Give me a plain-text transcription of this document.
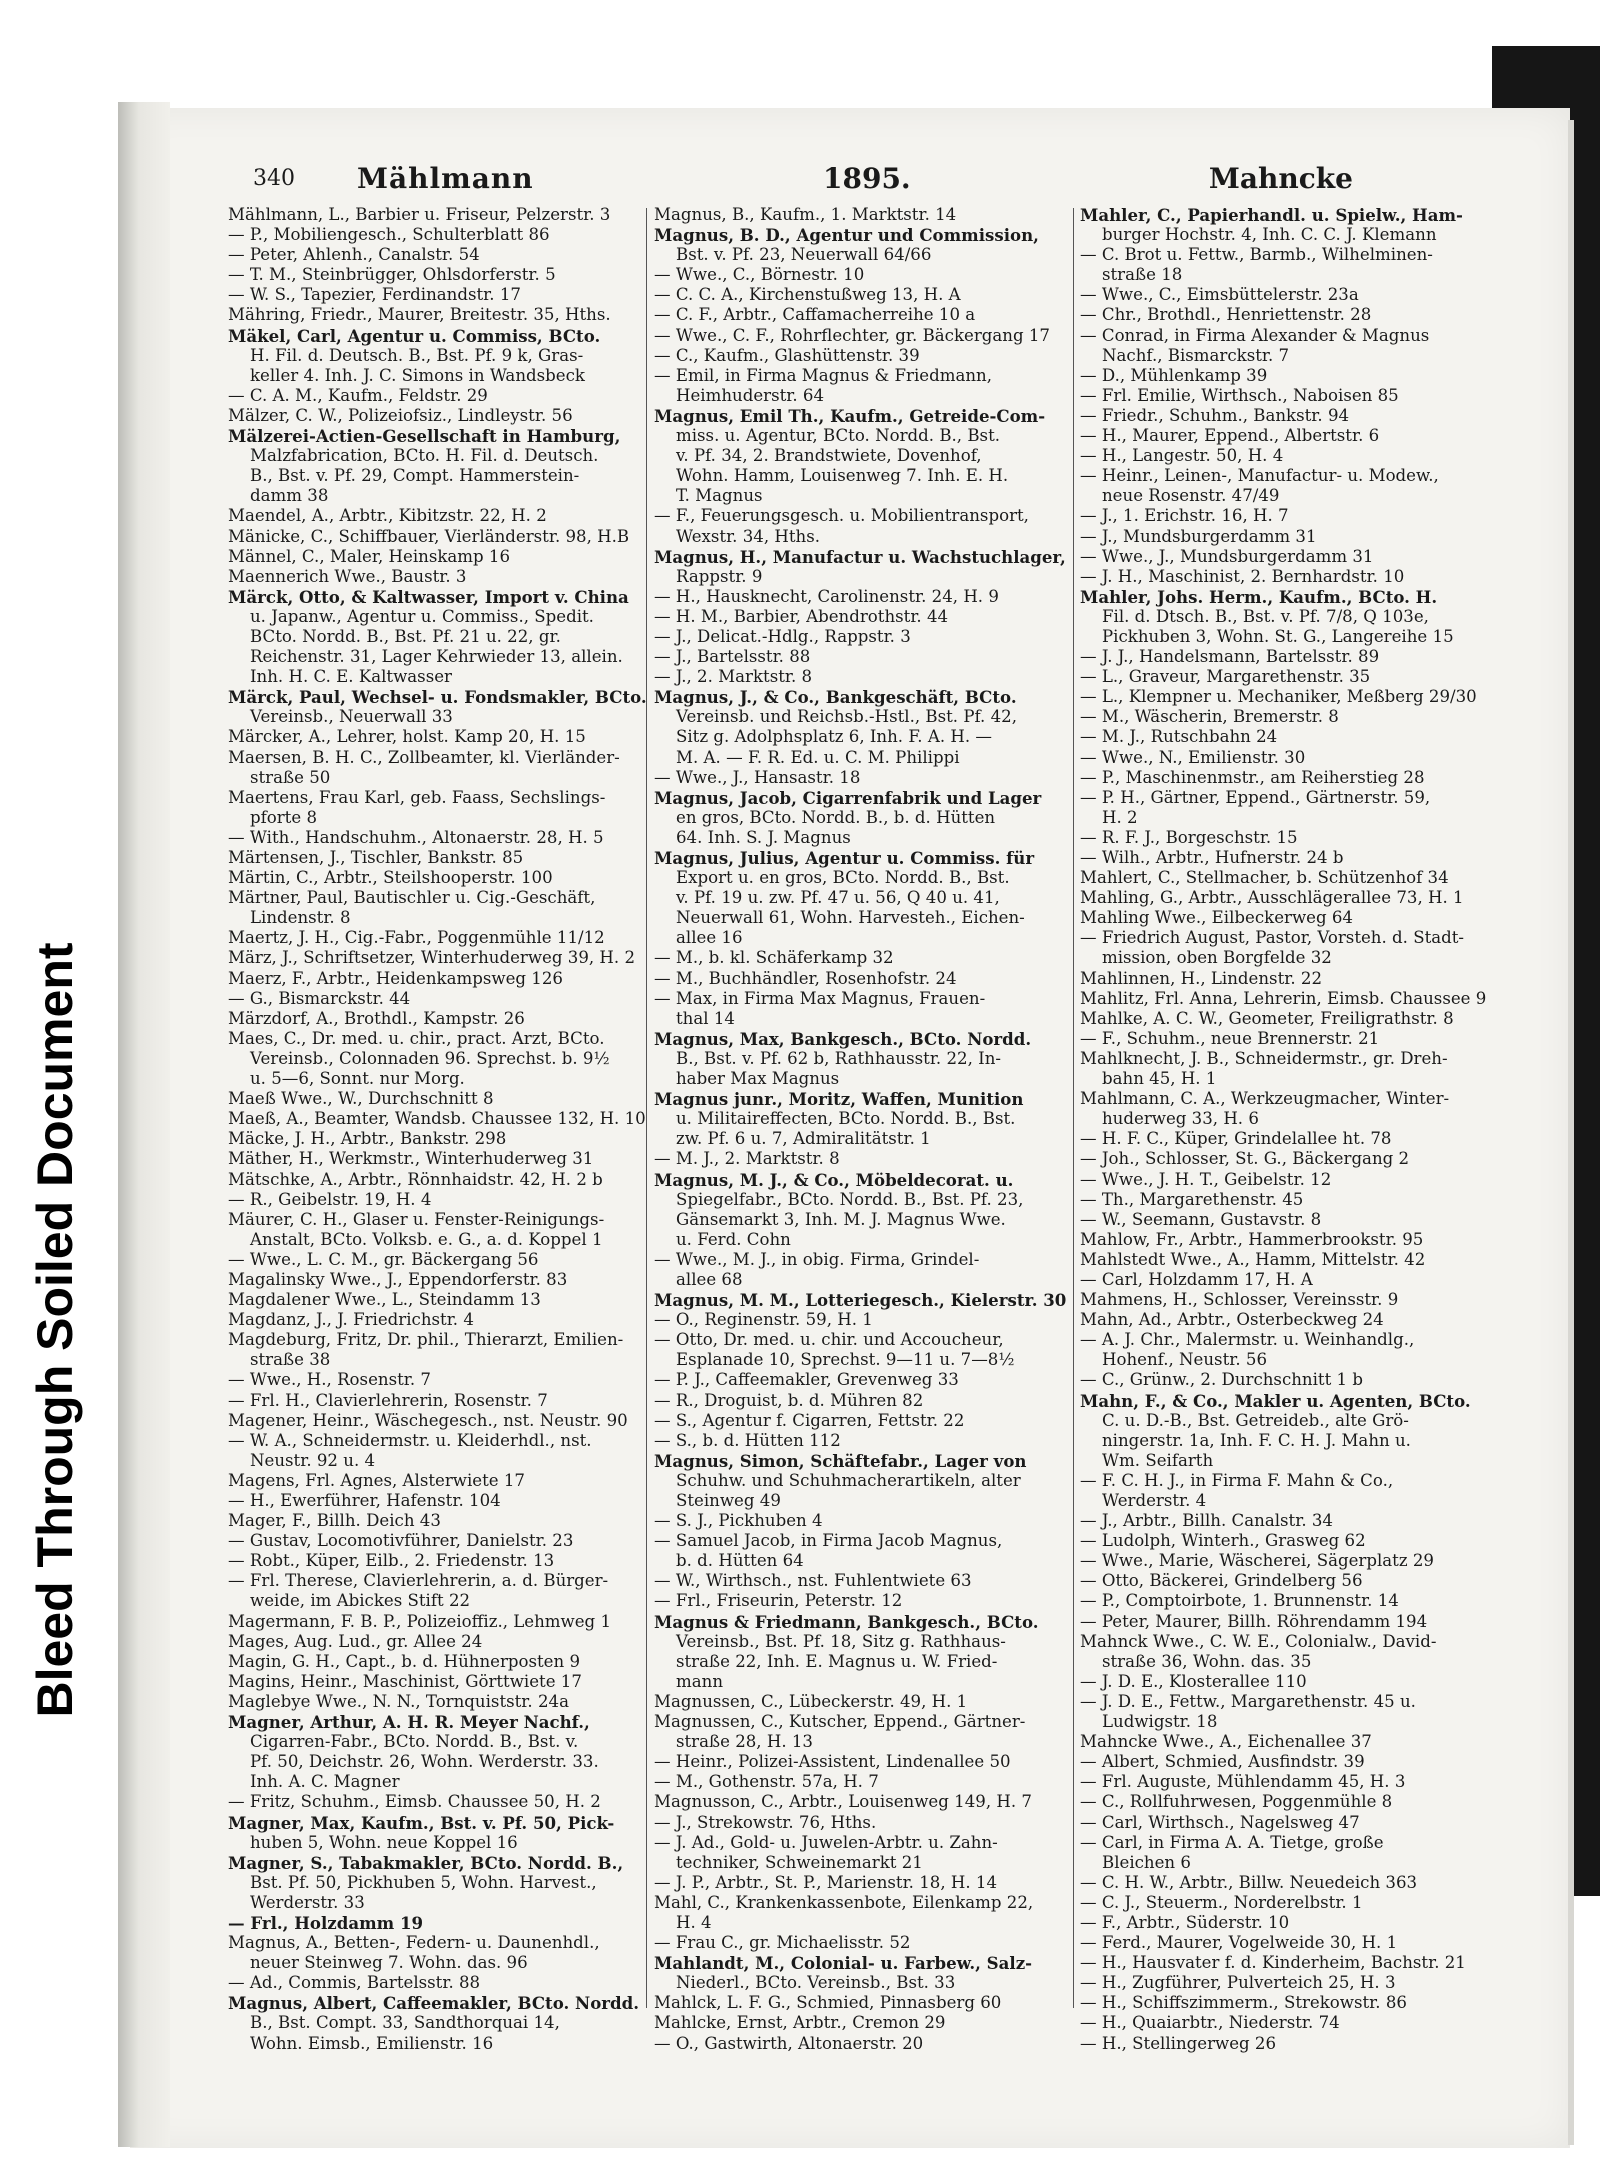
Bleed Through Soiled Document
340 Mählmann	1895.	Mahncke
Mählmann, L., Barbier u. Friseur, Pelzerstr. 3
— P., Mobiliengesch., Schulterblatt 86
— Peter, Ahlenh., Canalstr. 54
— T. M., Steinbrügger, Ohlsdorferstr. 5
— W. S., Tapezier, Ferdinandstr. 17
Mähring, Friedr., Maurer, Breitestr. 35, Hths.
Mäkel, Carl, Agentur u. Commiss, BCto.
H. Fil. d. Deutsch. B., Bst. Pf. 9 k, Gras-
keller 4. Inh. J. C. Simons in Wandsbeck
— C. A. M., Kaufm., Feldstr. 29
Mälzer, C. W., Polizeiofsiz., Lindleystr. 56
Mälzerei-Actien-Gesellschaft in Hamburg,
Malzfabrication, BCto. H. Fil. d. Deutsch.
B., Bst. v. Pf. 29, Compt. Hammerstein-
damm 38
Maendel, A., Arbtr., Kibitzstr. 22, H. 2
Mänicke, C., Schiffbauer, Vierländerstr. 98, H.B
Männel, C., Maler, Heinskamp 16
Maennerich Wwe., Baustr. 3
Märck, Otto, & Kaltwasser, Import v. China
u. Japanw., Agentur u. Commiss., Spedit.
BCto. Nordd. B., Bst. Pf. 21 u. 22, gr.
Reichenstr. 31, Lager Kehrwieder 13, allein.
Inh. H. C. E. Kaltwasser
Märck, Paul, Wechsel- u. Fondsmakler, BCto.
Vereinsb., Neuerwall 33
Märcker, A., Lehrer, holst. Kamp 20, H. 15
Maersen, B. H. C., Zollbeamter, kl. Vierländer-
straße 50
Maertens, Frau Karl, geb. Faass, Sechslings-
pforte 8
— With., Handschuhm., Altonaerstr. 28, H. 5
Märtensen, J., Tischler, Bankstr. 85
Märtin, C., Arbtr., Steilshooperstr. 100
Märtner, Paul, Bautischler u. Cig.-Geschäft,
Lindenstr. 8
Maertz, J. H., Cig.-Fabr., Poggenmühle 11/12
März, J., Schriftsetzer, Winterhuderweg 39, H. 2
Maerz, F., Arbtr., Heidenkampsweg 126
— G., Bismarckstr. 44
Märzdorf, A., Brothdl., Kampstr. 26
Maes, C., Dr. med. u. chir., pract. Arzt, BCto.
Vereinsb., Colonnaden 96. Sprechst. b. 9½
u. 5—6, Sonnt. nur Morg.
Maeß Wwe., W., Durchschnitt 8
Maeß, A., Beamter, Wandsb. Chaussee 132, H. 10
Mäcke, J. H., Arbtr., Bankstr. 298
Mäther, H., Werkmstr., Winterhuderweg 31
Mätschke, A., Arbtr., Rönnhaidstr. 42, H. 2 b
— R., Geibelstr. 19, H. 4
Mäurer, C. H., Glaser u. Fenster-Reinigungs-
Anstalt, BCto. Volksb. e. G., a. d. Koppel 1
— Wwe., L. C. M., gr. Bäckergang 56
Magalinsky Wwe., J., Eppendorferstr. 83
Magdalener Wwe., L., Steindamm 13
Magdanz, J., J. Friedrichstr. 4
Magdeburg, Fritz, Dr. phil., Thierarzt, Emilien-
straße 38
— Wwe., H., Rosenstr. 7
— Frl. H., Clavierlehrerin, Rosenstr. 7
Magener, Heinr., Wäschegesch., nst. Neustr. 90
— W. A., Schneidermstr. u. Kleiderhdl., nst.
Neustr. 92 u. 4
Magens, Frl. Agnes, Alsterwiete 17
— H., Ewerführer, Hafenstr. 104
Mager, F., Billh. Deich 43
— Gustav, Locomotivführer, Danielstr. 23
— Robt., Küper, Eilb., 2. Friedenstr. 13
— Frl. Therese, Clavierlehrerin, a. d. Bürger-
weide, im Abickes Stift 22
Magermann, F. B. P., Polizeioffiz., Lehmweg 1
Mages, Aug. Lud., gr. Allee 24
Magin, G. H., Capt., b. d. Hühnerposten 9
Magins, Heinr., Maschinist, Görttwiete 17
Maglebye Wwe., N. N., Tornquiststr. 24a
Magner, Arthur, A. H. R. Meyer Nachf.,
Cigarren-Fabr., BCto. Nordd. B., Bst. v.
Pf. 50, Deichstr. 26, Wohn. Werderstr. 33.
Inh. A. C. Magner
— Fritz, Schuhm., Eimsb. Chaussee 50, H. 2
Magner, Max, Kaufm., Bst. v. Pf. 50, Pick-
huben 5, Wohn. neue Koppel 16
Magner, S., Tabakmakler, BCto. Nordd. B.,
Bst. Pf. 50, Pickhuben 5, Wohn. Harvest.,
Werderstr. 33
— Frl., Holzdamm 19
Magnus, A., Betten-, Federn- u. Daunenhdl.,
neuer Steinweg 7. Wohn. das. 96
— Ad., Commis, Bartelsstr. 88
Magnus, Albert, Caffeemakler, BCto. Nordd.
B., Bst. Compt. 33, Sandthorquai 14,
Wohn. Eimsb., Emilienstr. 16
Magnus, B., Kaufm., 1. Marktstr. 14
Magnus, B. D., Agentur und Commission,
Bst. v. Pf. 23, Neuerwall 64/66
— Wwe., C., Börnestr. 10
— C. C. A., Kirchenstußweg 13, H. A
— C. F., Arbtr., Caffamacherreihe 10 a
— Wwe., C. F., Rohrflechter, gr. Bäckergang 17
— C., Kaufm., Glashüttenstr. 39
— Emil, in Firma Magnus & Friedmann,
Heimhuderstr. 64
Magnus, Emil Th., Kaufm., Getreide-Com-
miss. u. Agentur, BCto. Nordd. B., Bst.
v. Pf. 34, 2. Brandstwiete, Dovenhof,
Wohn. Hamm, Louisenweg 7. Inh. E. H.
T. Magnus
— F., Feuerungsgesch. u. Mobilientransport,
Wexstr. 34, Hths.
Magnus, H., Manufactur u. Wachstuchlager,
Rappstr. 9
— H., Hausknecht, Carolinenstr. 24, H. 9
— H. M., Barbier, Abendrothstr. 44
— J., Delicat.-Hdlg., Rappstr. 3
— J., Bartelsstr. 88
— J., 2. Marktstr. 8
Magnus, J., & Co., Bankgeschäft, BCto.
Vereinsb. und Reichsb.-Hstl., Bst. Pf. 42,
Sitz g. Adolphsplatz 6, Inh. F. A. H. —
M. A. — F. R. Ed. u. C. M. Philippi
— Wwe., J., Hansastr. 18
Magnus, Jacob, Cigarrenfabrik und Lager
en gros, BCto. Nordd. B., b. d. Hütten
64. Inh. S. J. Magnus
Magnus, Julius, Agentur u. Commiss. für
Export u. en gros, BCto. Nordd. B., Bst.
v. Pf. 19 u. zw. Pf. 47 u. 56, Q 40 u. 41,
Neuerwall 61, Wohn. Harvesteh., Eichen-
allee 16
— M., b. kl. Schäferkamp 32
— M., Buchhändler, Rosenhofstr. 24
— Max, in Firma Max Magnus, Frauen-
thal 14
Magnus, Max, Bankgesch., BCto. Nordd.
B., Bst. v. Pf. 62 b, Rathhausstr. 22, In-
haber Max Magnus
Magnus junr., Moritz, Waffen, Munition
u. Militaireffecten, BCto. Nordd. B., Bst.
zw. Pf. 6 u. 7, Admiralitätstr. 1
— M. J., 2. Marktstr. 8
Magnus, M. J., & Co., Möbeldecorat. u.
Spiegelfabr., BCto. Nordd. B., Bst. Pf. 23,
Gänsemarkt 3, Inh. M. J. Magnus Wwe.
u. Ferd. Cohn
— Wwe., M. J., in obig. Firma, Grindel-
allee 68
Magnus, M. M., Lotteriegesch., Kielerstr. 30
— O., Reginenstr. 59, H. 1
— Otto, Dr. med. u. chir. und Accoucheur,
Esplanade 10, Sprechst. 9—11 u. 7—8½
— P. J., Caffeemakler, Grevenweg 33
— R., Droguist, b. d. Mühren 82
— S., Agentur f. Cigarren, Fettstr. 22
— S., b. d. Hütten 112
Magnus, Simon, Schäftefabr., Lager von
Schuhw. und Schuhmacherartikeln, alter
Steinweg 49
— S. J., Pickhuben 4
— Samuel Jacob, in Firma Jacob Magnus,
b. d. Hütten 64
— W., Wirthsch., nst. Fuhlentwiete 63
— Frl., Friseurin, Peterstr. 12
Magnus & Friedmann, Bankgesch., BCto.
Vereinsb., Bst. Pf. 18, Sitz g. Rathhaus-
straße 22, Inh. E. Magnus u. W. Fried-
mann
Magnussen, C., Lübeckerstr. 49, H. 1
Magnussen, C., Kutscher, Eppend., Gärtner-
straße 28, H. 13
— Heinr., Polizei-Assistent, Lindenallee 50
— M., Gothenstr. 57a, H. 7
Magnusson, C., Arbtr., Louisenweg 149, H. 7
— J., Strekowstr. 76, Hths.
— J. Ad., Gold- u. Juwelen-Arbtr. u. Zahn-
techniker, Schweinemarkt 21
— J. P., Arbtr., St. P., Marienstr. 18, H. 14
Mahl, C., Krankenkassenbote, Eilenkamp 22,
H. 4
— Frau C., gr. Michaelisstr. 52
Mahlandt, M., Colonial- u. Farbew., Salz-
Niederl., BCto. Vereinsb., Bst. 33
Mahlck, L. F. G., Schmied, Pinnasberg 60
Mahlcke, Ernst, Arbtr., Cremon 29
— O., Gastwirth, Altonaerstr. 20
Mahler, C., Papierhandl. u. Spielw., Ham-
burger Hochstr. 4, Inh. C. C. J. Klemann
— C. Brot u. Fettw., Barmb., Wilhelminen-
straße 18
— Wwe., C., Eimsbüttelerstr. 23a
— Chr., Brothdl., Henriettenstr. 28
— Conrad, in Firma Alexander & Magnus
Nachf., Bismarckstr. 7
— D., Mühlenkamp 39
— Frl. Emilie, Wirthsch., Naboisen 85
— Friedr., Schuhm., Bankstr. 94
— H., Maurer, Eppend., Albertstr. 6
— H., Langestr. 50, H. 4
— Heinr., Leinen-, Manufactur- u. Modew.,
neue Rosenstr. 47/49
— J., 1. Erichstr. 16, H. 7
— J., Mundsburgerdamm 31
— Wwe., J., Mundsburgerdamm 31
— J. H., Maschinist, 2. Bernhardstr. 10
Mahler, Johs. Herm., Kaufm., BCto. H.
Fil. d. Dtsch. B., Bst. v. Pf. 7/8, Q 103e,
Pickhuben 3, Wohn. St. G., Langereihe 15
— J. J., Handelsmann, Bartelsstr. 89
— L., Graveur, Margarethenstr. 35
— L., Klempner u. Mechaniker, Meßberg 29/30
— M., Wäscherin, Bremerstr. 8
— M. J., Rutschbahn 24
— Wwe., N., Emilienstr. 30
— P., Maschinenmstr., am Reiherstieg 28
— P. H., Gärtner, Eppend., Gärtnerstr. 59,
H. 2
— R. F. J., Borgeschstr. 15
— Wilh., Arbtr., Hufnerstr. 24 b
Mahlert, C., Stellmacher, b. Schützenhof 34
Mahling, G., Arbtr., Ausschlägerallee 73, H. 1
Mahling Wwe., Eilbeckerweg 64
— Friedrich August, Pastor, Vorsteh. d. Stadt-
mission, oben Borgfelde 32
Mahlinnen, H., Lindenstr. 22
Mahlitz, Frl. Anna, Lehrerin, Eimsb. Chaussee 9
Mahlke, A. C. W., Geometer, Freiligrathstr. 8
— F., Schuhm., neue Brennerstr. 21
Mahlknecht, J. B., Schneidermstr., gr. Dreh-
bahn 45, H. 1
Mahlmann, C. A., Werkzeugmacher, Winter-
huderweg 33, H. 6
— H. F. C., Küper, Grindelallee ht. 78
— Joh., Schlosser, St. G., Bäckergang 2
— Wwe., J. H. T., Geibelstr. 12
— Th., Margarethenstr. 45
— W., Seemann, Gustavstr. 8
Mahlow, Fr., Arbtr., Hammerbrookstr. 95
Mahlstedt Wwe., A., Hamm, Mittelstr. 42
— Carl, Holzdamm 17, H. A
Mahmens, H., Schlosser, Vereinsstr. 9
Mahn, Ad., Arbtr., Osterbeckweg 24
— A. J. Chr., Malermstr. u. Weinhandlg.,
Hohenf., Neustr. 56
— C., Grünw., 2. Durchschnitt 1 b
Mahn, F., & Co., Makler u. Agenten, BCto.
C. u. D.-B., Bst. Getreideb., alte Grö-
ningerstr. 1a, Inh. F. C. H. J. Mahn u.
Wm. Seifarth
— F. C. H. J., in Firma F. Mahn & Co.,
Werderstr. 4
— J., Arbtr., Billh. Canalstr. 34
— Ludolph, Winterh., Grasweg 62
— Wwe., Marie, Wäscherei, Sägerplatz 29
— Otto, Bäckerei, Grindelberg 56
— P., Comptoirbote, 1. Brunnenstr. 14
— Peter, Maurer, Billh. Röhrendamm 194
Mahnck Wwe., C. W. E., Colonialw., David-
straße 36, Wohn. das. 35
— J. D. E., Klosterallee 110
— J. D. E., Fettw., Margarethenstr. 45 u.
Ludwigstr. 18
Mahncke Wwe., A., Eichenallee 37
— Albert, Schmied, Ausfindstr. 39
— Frl. Auguste, Mühlendamm 45, H. 3
— C., Rollfuhrwesen, Poggenmühle 8
— Carl, Wirthsch., Nagelsweg 47
— Carl, in Firma A. A. Tietge, große
Bleichen 6
— C. H. W., Arbtr., Billw. Neuedeich 363
— C. J., Steuerm., Norderelbstr. 1
— F., Arbtr., Süderstr. 10
— Ferd., Maurer, Vogelweide 30, H. 1
— H., Hausvater f. d. Kinderheim, Bachstr. 21
— H., Zugführer, Pulverteich 25, H. 3
— H., Schiffszimmerm., Strekowstr. 86
— H., Quaiarbtr., Niederstr. 74
— H., Stellingerweg 26
